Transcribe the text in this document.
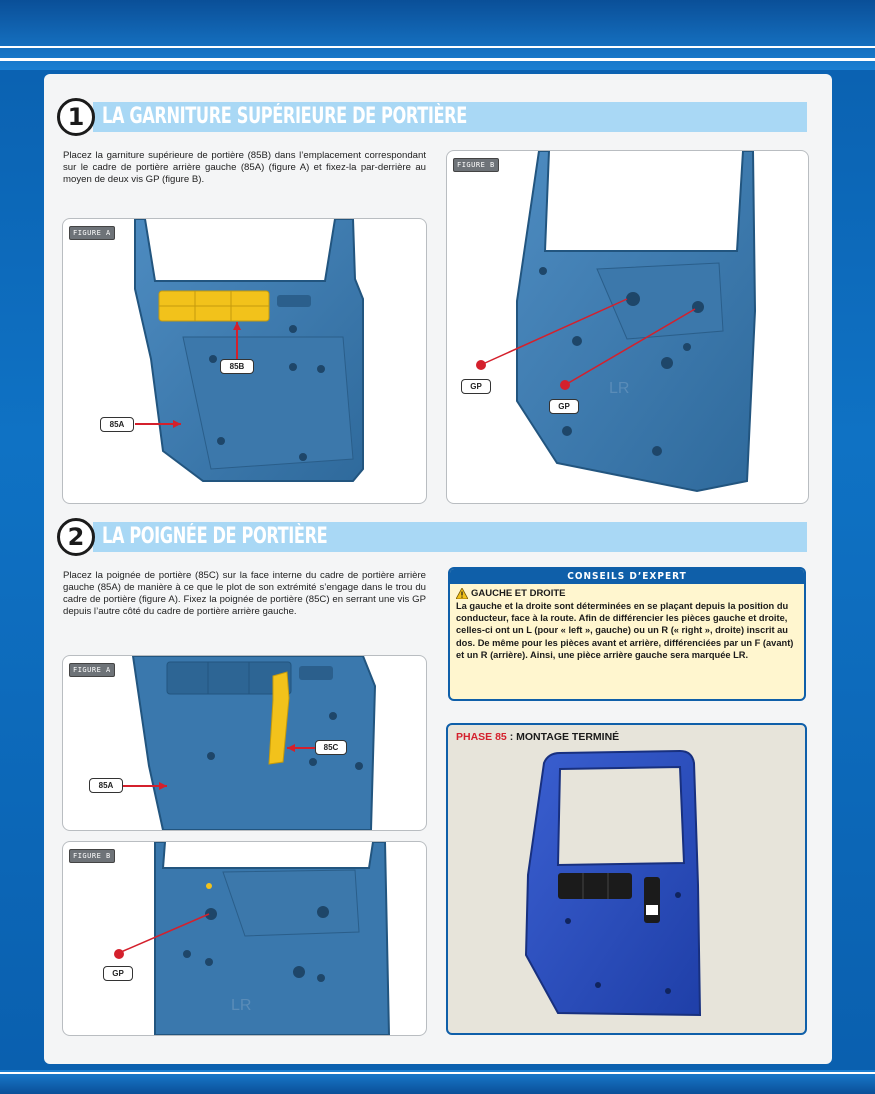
1 LA GARNITURE SUPÉRIEURE DE PORTIÈRE
Placez la garniture supérieure de portière (85B) dans l’emplacement correspondant sur le cadre de portière arrière gauche (85A) (figure A) et fixez-la par-derrière au moyen de deux vis GP (figure B).
FIGURE A
85B
85A
FIGURE B
LR
GP
GP
2 LA POIGNÉE DE PORTIÈRE
Placez la poignée de portière (85C) sur la face interne du cadre de portière arrière gauche (85A) de manière à ce que le plot de son extrémité s’engage dans le trou du cadre de portière (figure A). Fixez la poignée de portière (85C) en serrant une vis GP depuis l’autre côté du cadre de portière arrière gauche.
FIGURE A
85C
85A
FIGURE B
LR
GP
CONSEILS D’EXPERT
GAUCHE ET DROITE
La gauche et la droite sont déterminées en se plaçant depuis la position du conducteur, face à la route. Afin de différencier les pièces gauche et droite, celles-ci ont un L (pour « left », gauche) ou un R (« right », droite) inscrit au dos. De même pour les pièces avant et arrière, différenciées par un F (avant) et un R (arrière). Ainsi, une pièce arrière gauche sera marquée LR.
PHASE 85 : MONTAGE TERMINÉ
